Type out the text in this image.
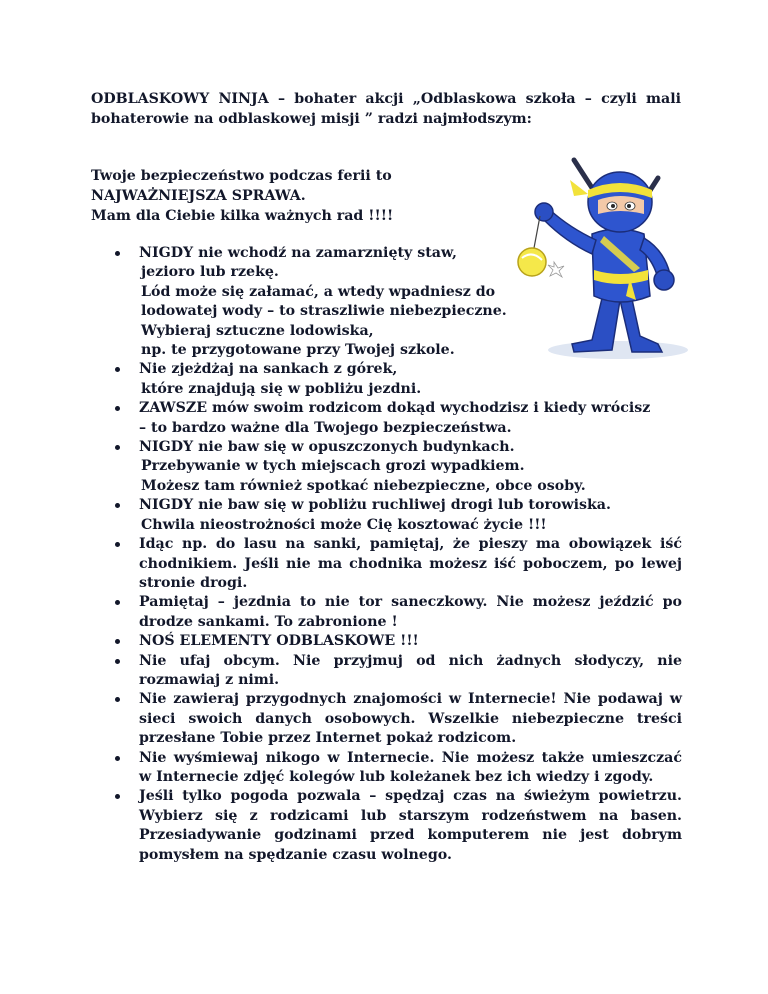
ODBLASKOWY NINJA – bohater akcji „Odblaskowa szkoła – czyli mali bohaterowie na odblaskowej misji ” radzi najmłodszym:
Twoje bezpieczeństwo podczas ferii to
NAJWAŻNIEJSZA SPRAWA.
Mam dla Ciebie kilka ważnych rad !!!!
NIGDY nie wchodź na zamarznięty staw,
jezioro lub rzekę.
Lód może się załamać, a wtedy wpadniesz do
lodowatej wody – to straszliwie niebezpieczne.
Wybieraj sztuczne lodowiska,
np. te przygotowane przy Twojej szkole.
Nie zjeżdżaj na sankach z górek,
które znajdują się w pobliżu jezdni.
ZAWSZE mów swoim rodzicom dokąd wychodzisz i kiedy wrócisz
– to bardzo ważne dla Twojego bezpieczeństwa.
NIGDY nie baw się w opuszczonych budynkach.
Przebywanie w tych miejscach grozi wypadkiem.
Możesz tam również spotkać niebezpieczne, obce osoby.
NIGDY nie baw się w pobliżu ruchliwej drogi lub torowiska.
Chwila nieostrożności może Cię kosztować życie !!!
Idąc np. do lasu na sanki, pamiętaj, że pieszy ma obowiązek iść
chodnikiem. Jeśli nie ma chodnika możesz iść poboczem, po lewej
stronie drogi.
Pamiętaj – jezdnia to nie tor saneczkowy. Nie możesz jeździć po
drodze sankami. To zabronione !
NOŚ ELEMENTY ODBLASKOWE !!!
Nie ufaj obcym. Nie przyjmuj od nich żadnych słodyczy, nie
rozmawiaj z nimi.
Nie zawieraj przygodnych znajomości w Internecie! Nie podawaj w
sieci swoich danych osobowych. Wszelkie niebezpieczne treści
przesłane Tobie przez Internet pokaż rodzicom.
Nie wyśmiewaj nikogo w Internecie. Nie możesz także umieszczać
w Internecie zdjęć kolegów lub koleżanek bez ich wiedzy i zgody.
Jeśli tylko pogoda pozwala – spędzaj czas na świeżym powietrzu.
Wybierz się z rodzicami lub starszym rodzeństwem na basen.
Przesiadywanie godzinami przed komputerem nie jest dobrym
pomysłem na spędzanie czasu wolnego.
